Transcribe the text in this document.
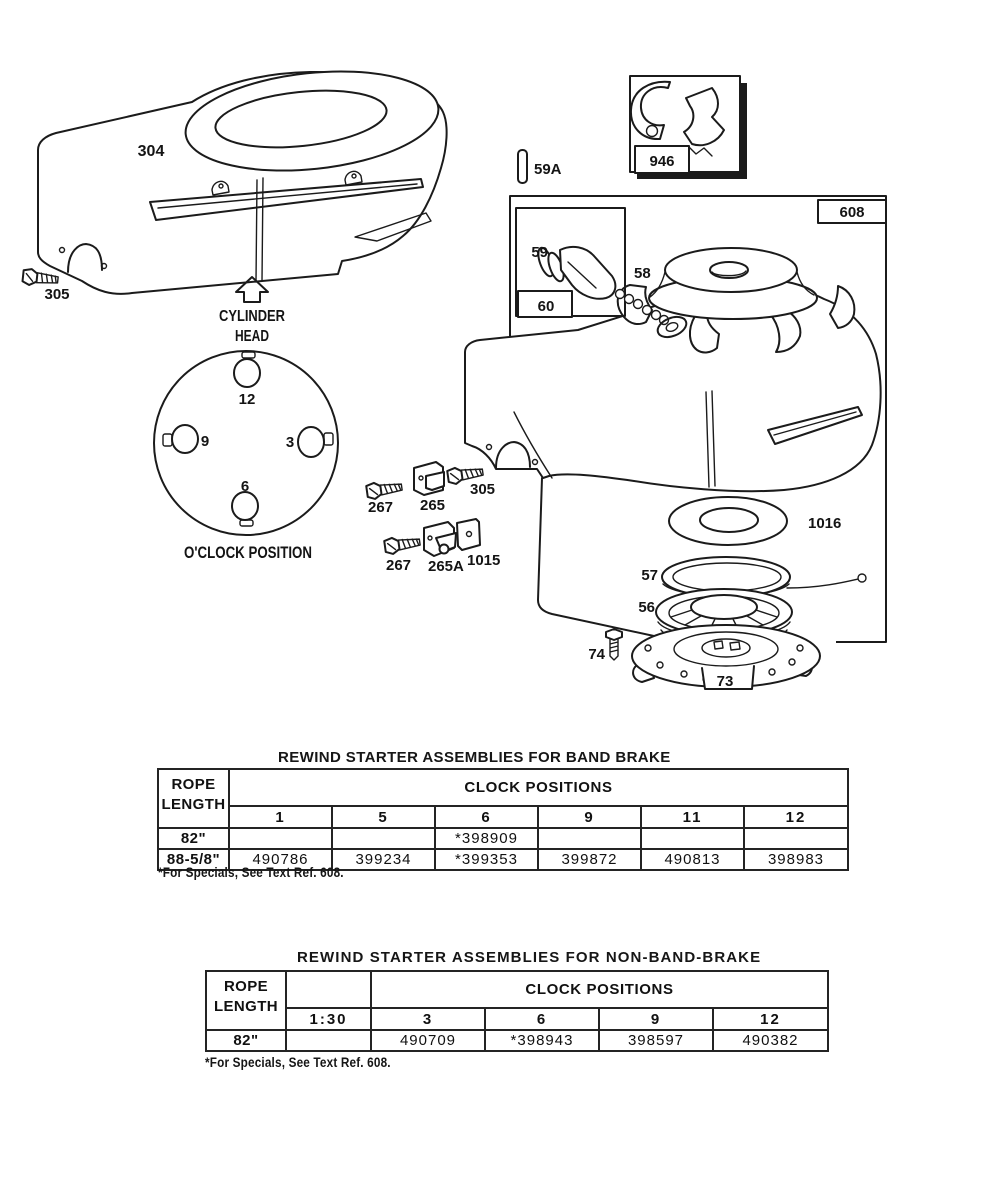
304
305
CYLINDER
HEAD
12
9	3
6
O'CLOCK POSITION
59A	946
608
305
60
59
58
267 265
267 265A 1015
1016
57
56
74
73
REWIND STARTER ASSEMBLIES FOR BAND BRAKE
ROPE LENGTH	CLOCK POSITIONS					
	1	5	6	9	11	12
82"			*398909			
88-5/8"	490786	399234	*399353	399872	490813	398983
*For Specials, See Text Ref. 608.
REWIND STARTER ASSEMBLIES FOR NON-BAND-BRAKE
ROPE LENGTH		CLOCK POSITIONS			
	1:30	3	6	9	12
82"		490709	*398943	398597	490382
*For Specials, See Text Ref. 608.
